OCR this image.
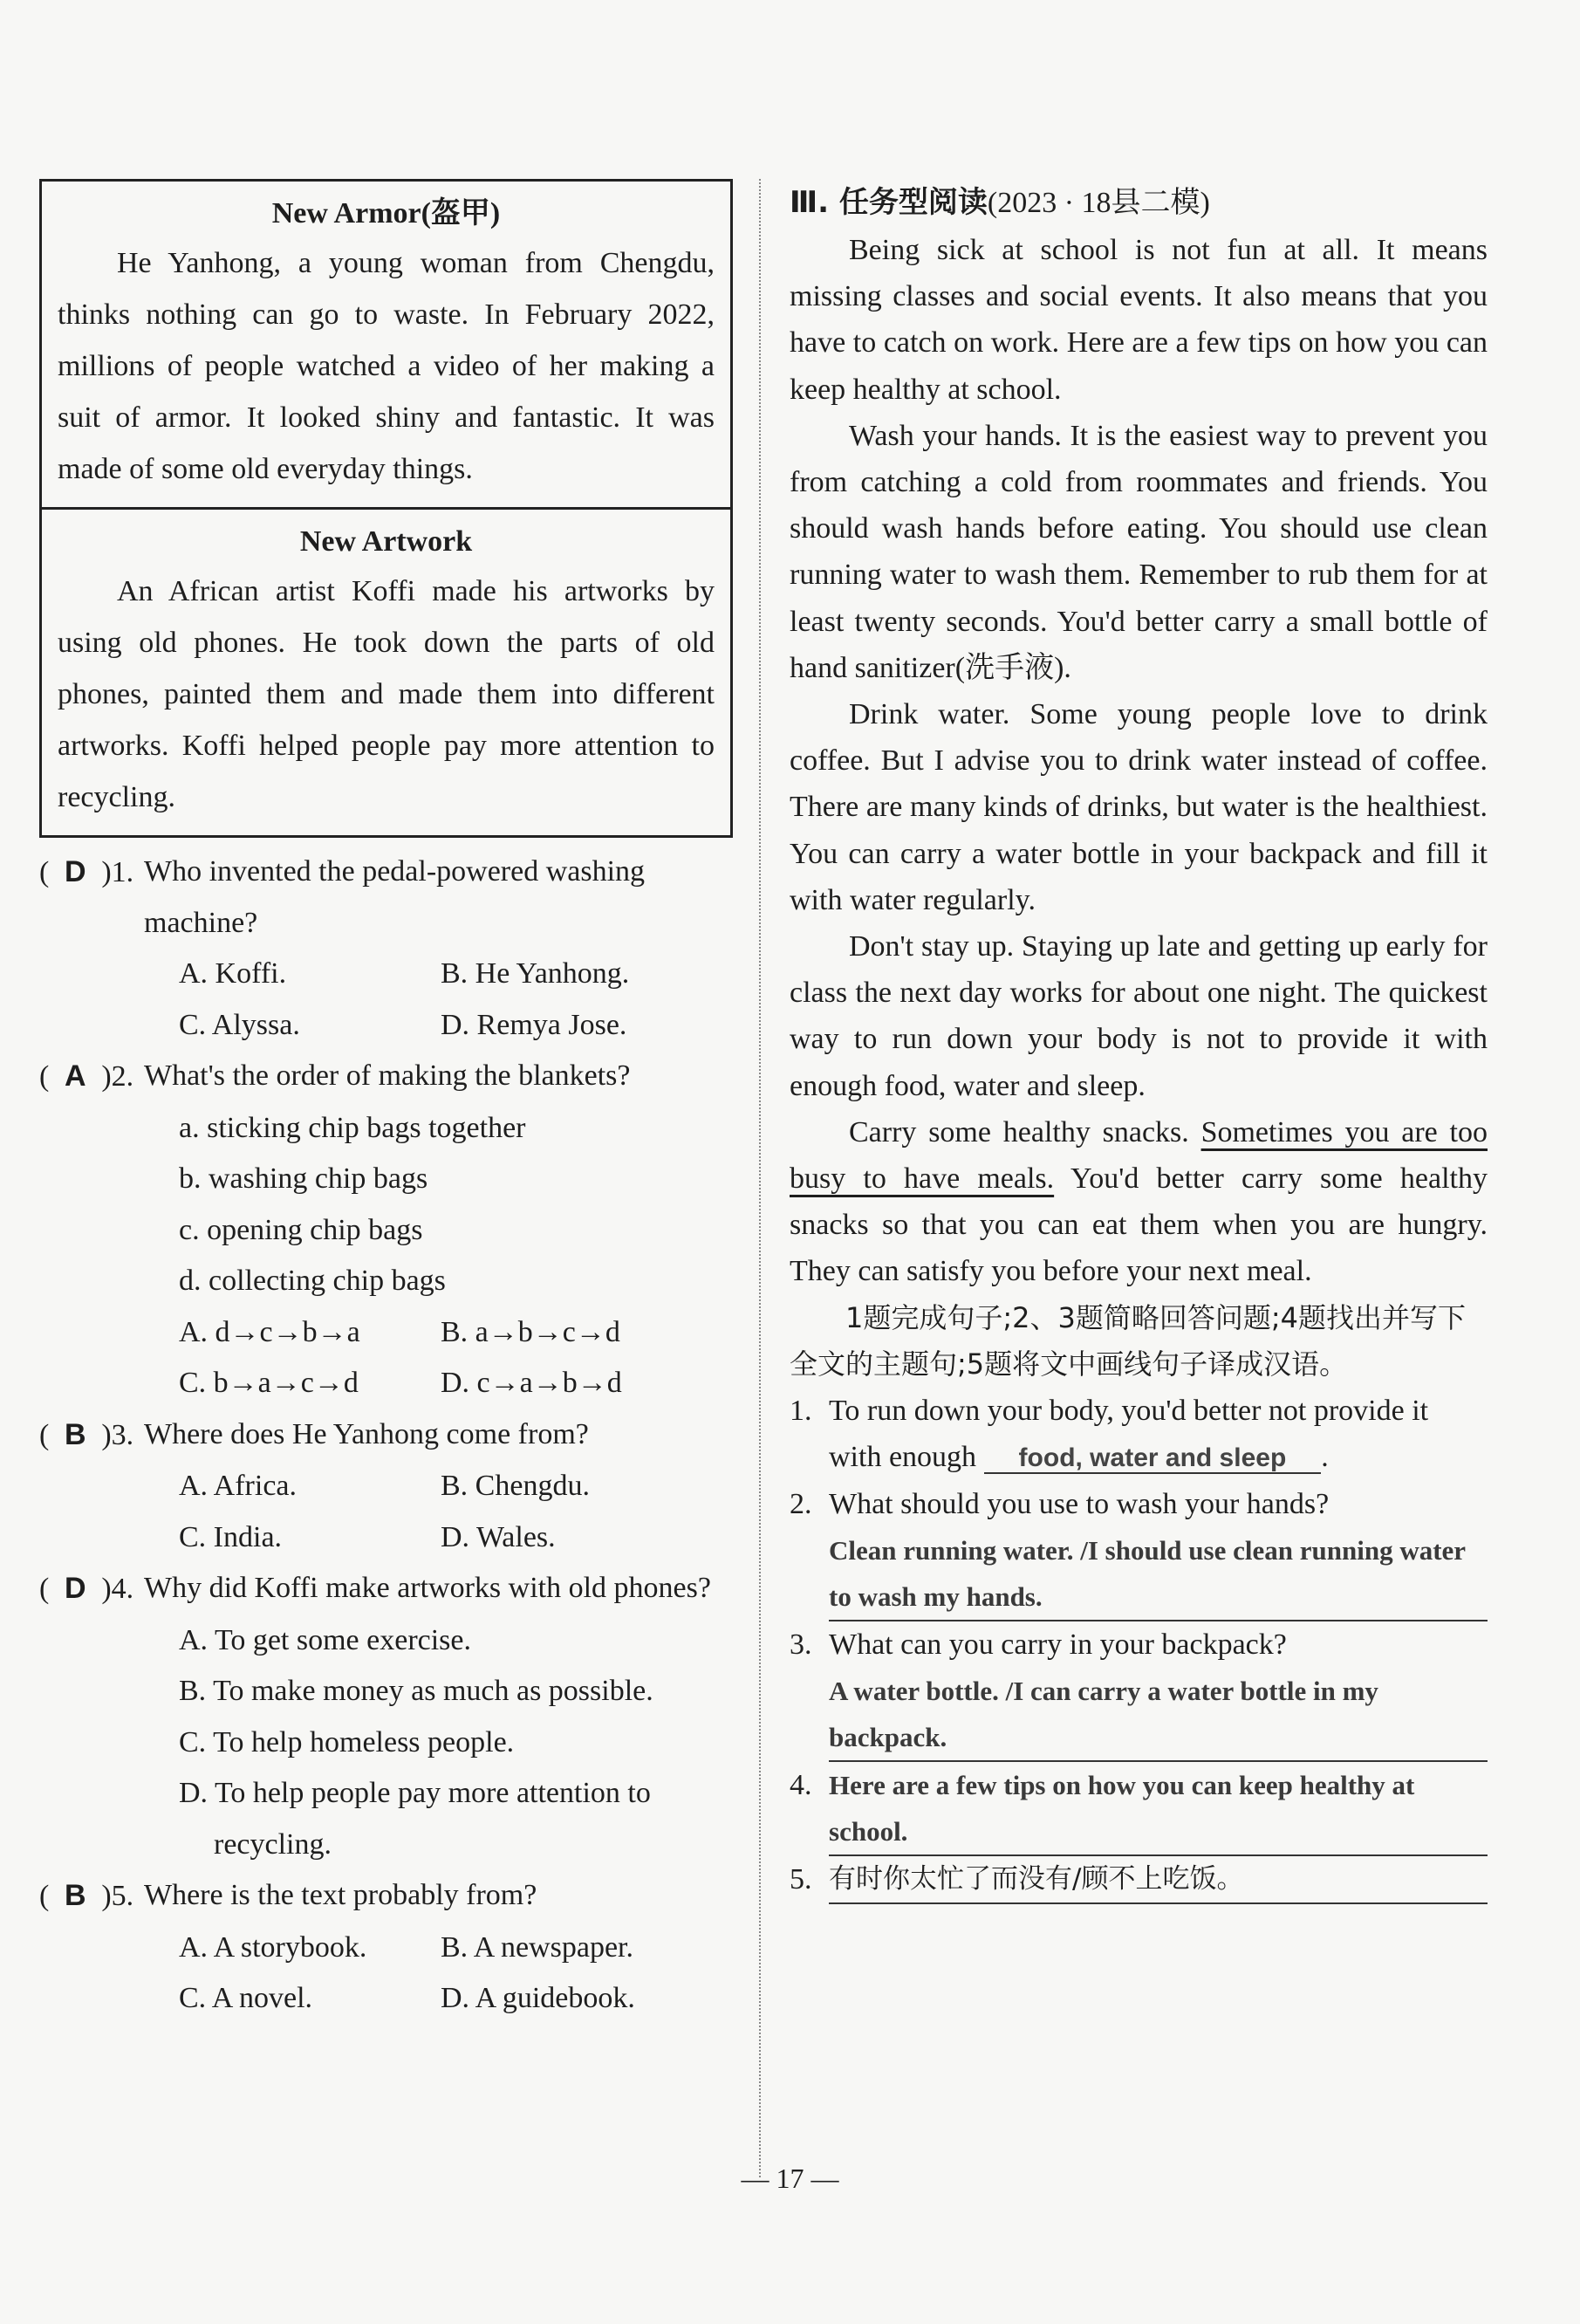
New Armor(盔甲)

He Yanhong, a young woman from Chengdu, thinks nothing can go to waste. In February 2022, millions of people watched a video of her making a suit of armor. It looked shiny and fantastic. It was made of some old everyday things.

New Artwork

An African artist Koffi made his artworks by using old phones. He took down the parts of old phones, painted them and made them into different artworks. Koffi helped people pay more attention to recycling.

( D )1. Who invented the pedal-powered washing machine?
A. Koffi.	B. He Yanhong.
C. Alyssa.	D. Remya Jose.
( A )2. What's the order of making the blankets?
a. sticking chip bags together
b. washing chip bags
c. opening chip bags
d. collecting chip bags
A. d→c→b→a	B. a→b→c→d
C. b→a→c→d	D. c→a→b→d
( B )3. Where does He Yanhong come from?
A. Africa.	B. Chengdu.
C. India.	D. Wales.
( D )4. Why did Koffi make artworks with old phones?
A. To get some exercise.
B. To make money as much as possible.
C. To help homeless people.
D. To help people pay more attention to recycling.
( B )5. Where is the text probably from?
A. A storybook.	B. A newspaper.
C. A novel.	D. A guidebook.
Ⅲ. 任务型阅读(2023 · 18县二模)

Being sick at school is not fun at all. It means missing classes and social events. It also means that you have to catch on work. Here are a few tips on how you can keep healthy at school.

Wash your hands. It is the easiest way to prevent you from catching a cold from roommates and friends. You should wash hands before eating. You should use clean running water to wash them. Remember to rub them for at least twenty seconds. You'd better carry a small bottle of hand sanitizer(洗手液).

Drink water. Some young people love to drink coffee. But I advise you to drink water instead of coffee. There are many kinds of drinks, but water is the healthiest. You can carry a water bottle in your backpack and fill it with water regularly.

Don't stay up. Staying up late and getting up early for class the next day works for about one night. The quickest way to run down your body is not to provide it with enough food, water and sleep.

Carry some healthy snacks. Sometimes you are too busy to have meals. You'd better carry some healthy snacks so that you can eat them when you are hungry. They can satisfy you before your next meal.

1题完成句子;2、3题简略回答问题;4题找出并写下全文的主题句;5题将文中画线句子译成汉语。

1. To run down your body, you'd better not provide it with enough food, water and sleep .
2. What should you use to wash your hands?
Clean running water. /I should use clean running water to wash my hands.
3. What can you carry in your backpack?
A water bottle. /I can carry a water bottle in my backpack.
4. Here are a few tips on how you can keep healthy at school.
5. 有时你太忙了而没有/顾不上吃饭。
— 17 —
